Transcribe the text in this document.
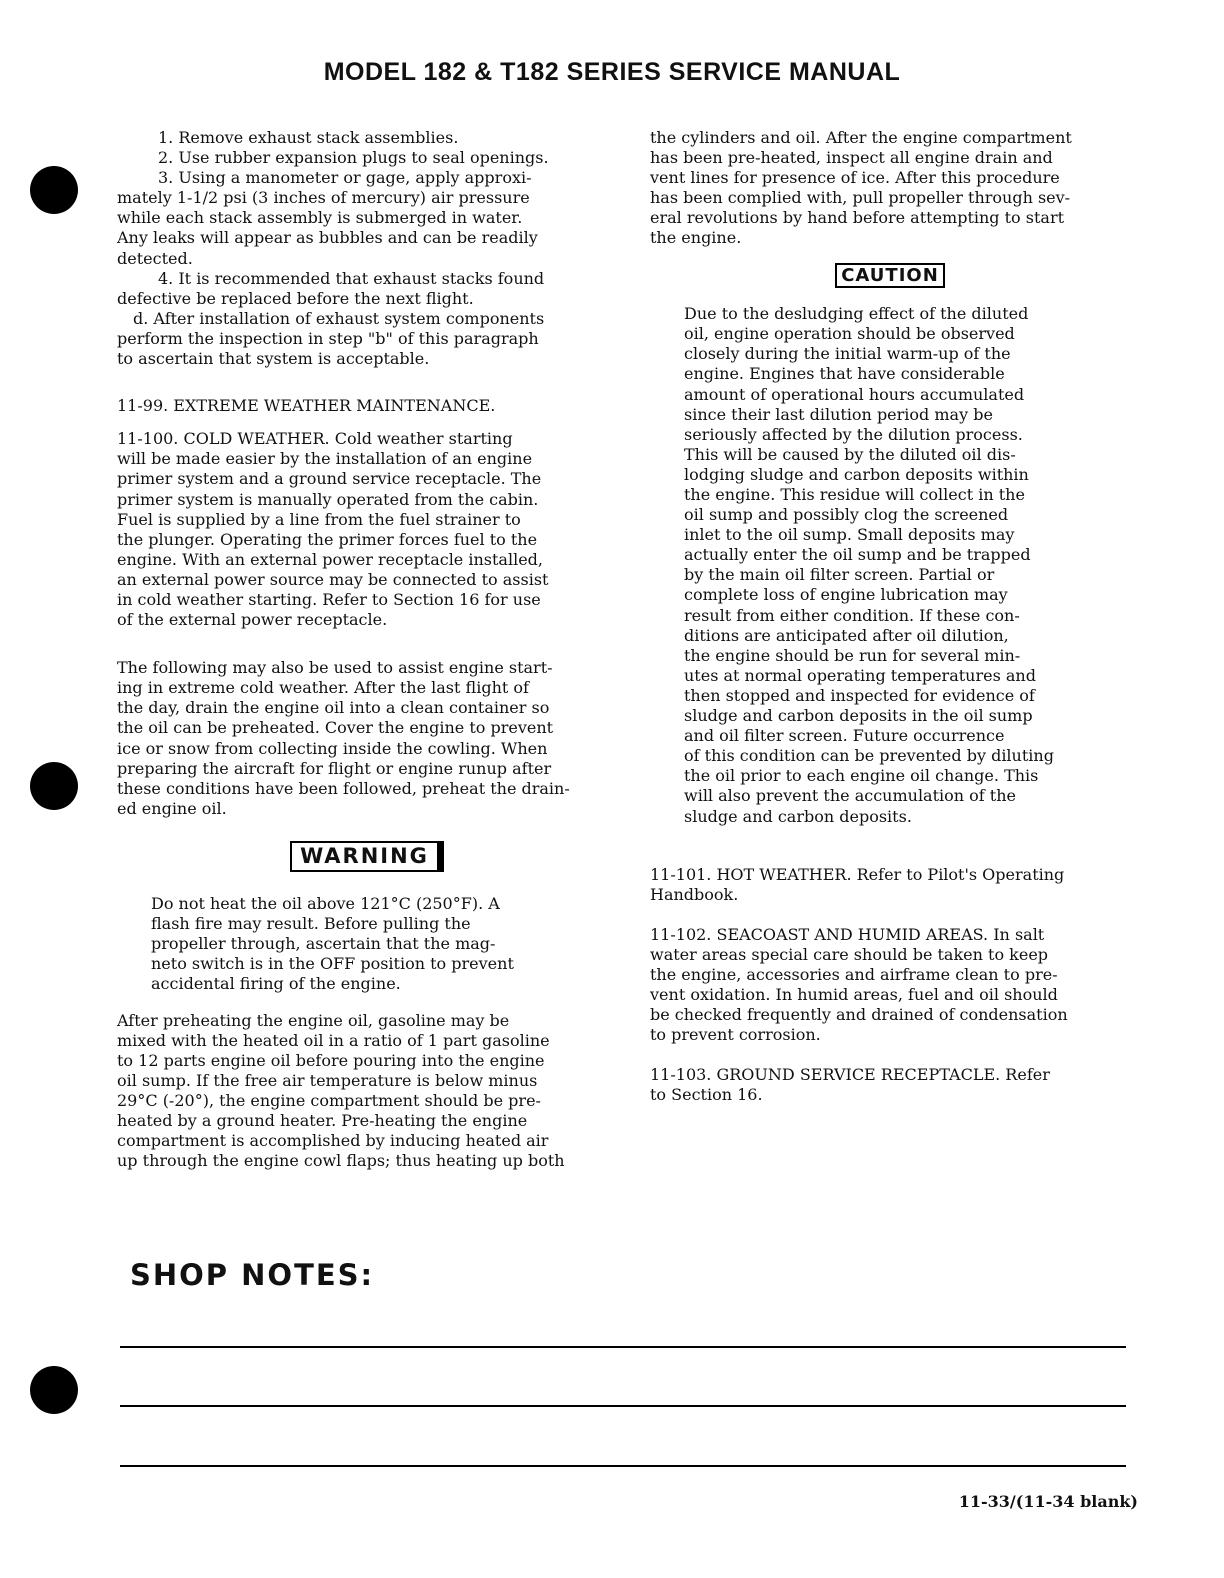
MODEL 182 & T182 SERIES SERVICE MANUAL

1. Remove exhaust stack assemblies.

2. Use rubber expansion plugs to seal openings.

3. Using a manometer or gage, apply approxi-
mately 1-1/2 psi (3 inches of mercury) air pressure
while each stack assembly is submerged in water.
Any leaks will appear as bubbles and can be readily
detected.

4. It is recommended that exhaust stacks found
defective be replaced before the next flight.

d. After installation of exhaust system components
perform the inspection in step "b" of this paragraph
to ascertain that system is acceptable.

11-99. EXTREME WEATHER MAINTENANCE.

11-100. COLD WEATHER. Cold weather starting
will be made easier by the installation of an engine
primer system and a ground service receptacle. The
primer system is manually operated from the cabin.
Fuel is supplied by a line from the fuel strainer to
the plunger. Operating the primer forces fuel to the
engine. With an external power receptacle installed,
an external power source may be connected to assist
in cold weather starting. Refer to Section 16 for use
of the external power receptacle.

The following may also be used to assist engine start-
ing in extreme cold weather. After the last flight of
the day, drain the engine oil into a clean container so
the oil can be preheated. Cover the engine to prevent
ice or snow from collecting inside the cowling. When
preparing the aircraft for flight or engine runup after
these conditions have been followed, preheat the drain-
ed engine oil.

WARNING

Do not heat the oil above 121°C (250°F). A
flash fire may result. Before pulling the
propeller through, ascertain that the mag-
neto switch is in the OFF position to prevent
accidental firing of the engine.

After preheating the engine oil, gasoline may be
mixed with the heated oil in a ratio of 1 part gasoline
to 12 parts engine oil before pouring into the engine
oil sump. If the free air temperature is below minus
29°C (-20°), the engine compartment should be pre-
heated by a ground heater. Pre-heating the engine
compartment is accomplished by inducing heated air
up through the engine cowl flaps; thus heating up both

the cylinders and oil. After the engine compartment
has been pre-heated, inspect all engine drain and
vent lines for presence of ice. After this procedure
has been complied with, pull propeller through sev-
eral revolutions by hand before attempting to start
the engine.

CAUTION

Due to the desludging effect of the diluted
oil, engine operation should be observed
closely during the initial warm-up of the
engine. Engines that have considerable
amount of operational hours accumulated
since their last dilution period may be
seriously affected by the dilution process.
This will be caused by the diluted oil dis-
lodging sludge and carbon deposits within
the engine. This residue will collect in the
oil sump and possibly clog the screened
inlet to the oil sump. Small deposits may
actually enter the oil sump and be trapped
by the main oil filter screen. Partial or
complete loss of engine lubrication may
result from either condition. If these con-
ditions are anticipated after oil dilution,
the engine should be run for several min-
utes at normal operating temperatures and
then stopped and inspected for evidence of
sludge and carbon deposits in the oil sump
and oil filter screen. Future occurrence
of this condition can be prevented by diluting
the oil prior to each engine oil change. This
will also prevent the accumulation of the
sludge and carbon deposits.

11-101. HOT WEATHER. Refer to Pilot's Operating
Handbook.

11-102. SEACOAST AND HUMID AREAS. In salt
water areas special care should be taken to keep
the engine, accessories and airframe clean to pre-
vent oxidation. In humid areas, fuel and oil should
be checked frequently and drained of condensation
to prevent corrosion.

11-103. GROUND SERVICE RECEPTACLE. Refer
to Section 16.

SHOP NOTES:
11-33/(11-34 blank)
